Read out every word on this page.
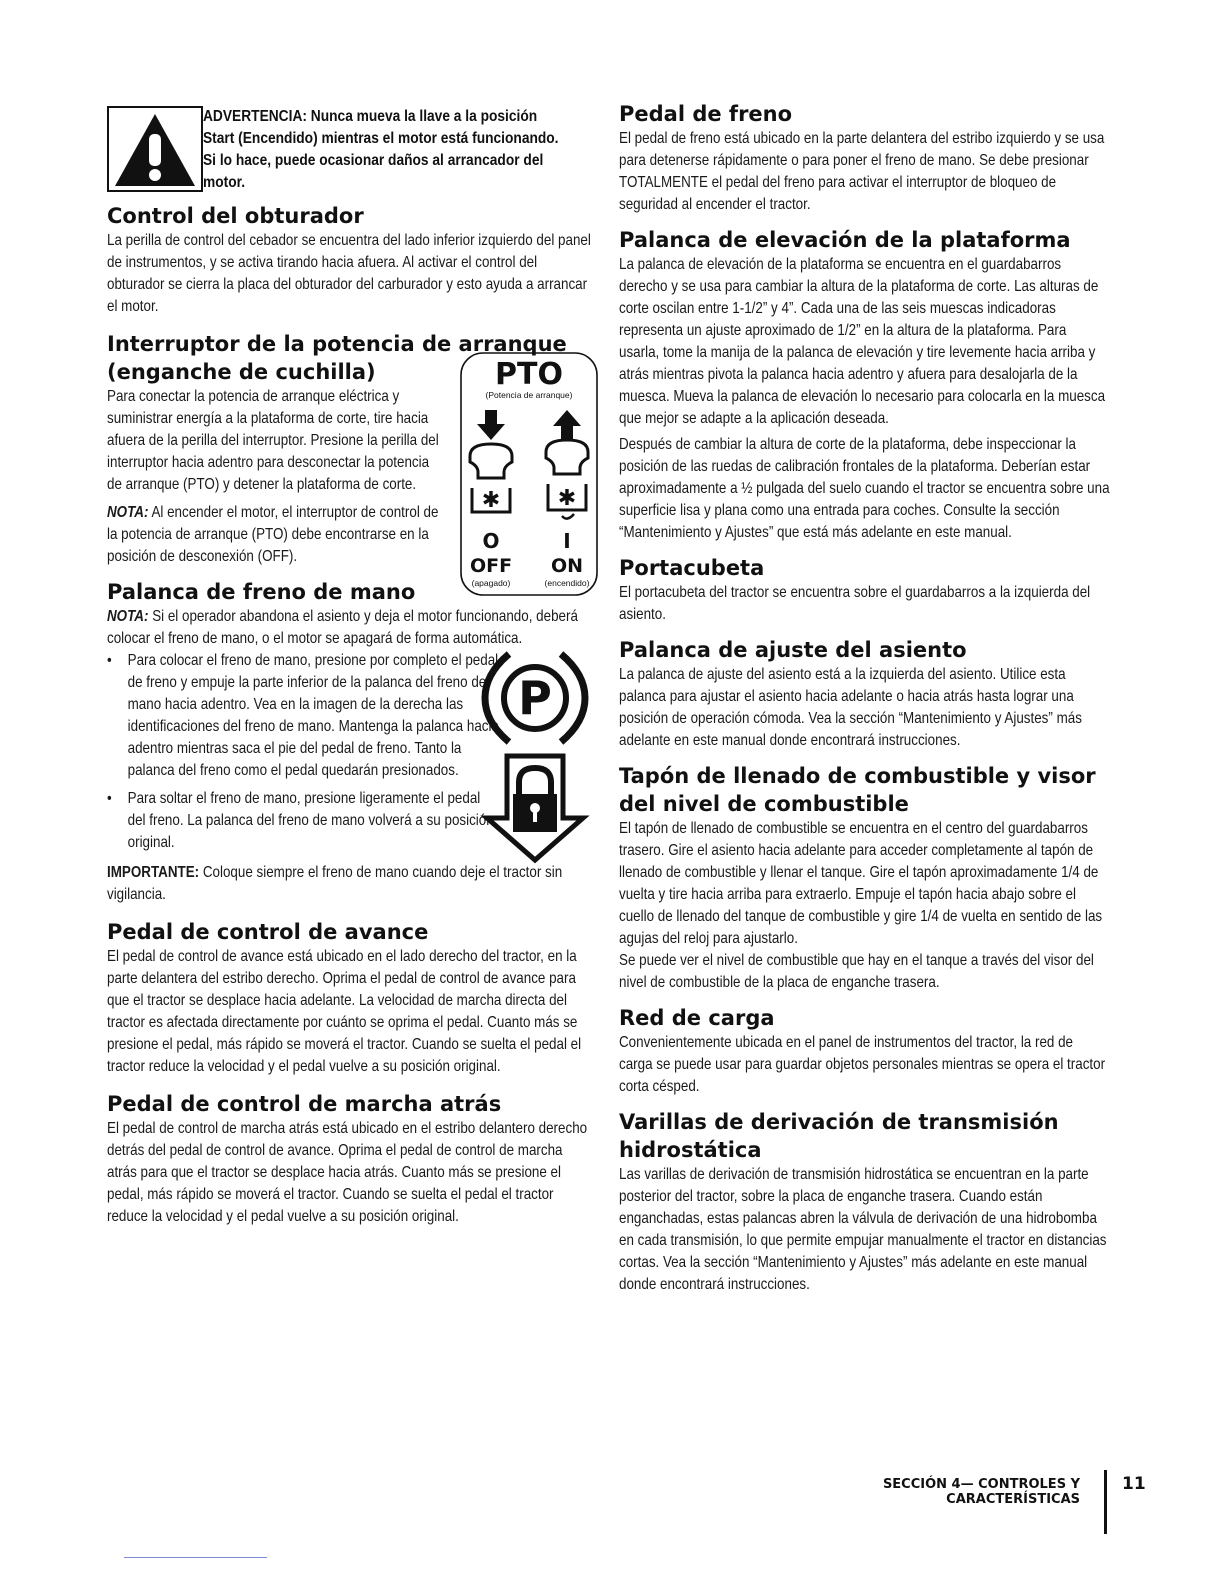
ADVERTENCIA: Nunca mueva la llave a la posición Start (Encendido) mientras el motor está funcionando. Si lo hace, puede ocasionar daños al arrancador del motor.
Control del obturador

La perilla de control del cebador se encuentra del lado inferior izquierdo del panel de instrumentos, y se activa tirando hacia afuera. Al activar el control del obturador se cierra la placa del obturador del carburador y esto ayuda a arrancar el motor.

Interruptor de la potencia de arranque
(enganche de cuchilla)

Para conectar la potencia de arranque eléctrica y suministrar energía a la plataforma de corte, tire hacia afuera de la perilla del interruptor. Presione la perilla del interruptor hacia adentro para desconectar la potencia de arranque (PTO) y detener la plataforma de corte.

NOTA: Al encender el motor, el interruptor de control de la potencia de arranque (PTO) debe encontrarse en la posición de desconexión (OFF).

PTO
(Potencia de arranque)
✱	✱
O	I
OFF ON
(apagado)	(encendido)
Palanca de freno de mano

NOTA: Si el operador abandona el asiento y deja el motor funcionando, deberá colocar el freno de mano, o el motor se apagará de forma automática.

•	Para colocar el freno de mano, presione por completo el pedal de freno y empuje la parte inferior de la palanca del freno de mano hacia adentro. Vea en la imagen de la derecha las identificaciones del freno de mano. Mantenga la palanca hacia adentro mientras saca el pie del pedal de freno. Tanto la palanca del freno como el pedal quedarán presionados.
•	Para soltar el freno de mano, presione ligeramente el pedal del freno. La palanca del freno de mano volverá a su posición original.
P

IMPORTANTE: Coloque siempre el freno de mano cuando deje el tractor sin vigilancia.

Pedal de control de avance

El pedal de control de avance está ubicado en el lado derecho del tractor, en la parte delantera del estribo derecho. Oprima el pedal de control de avance para que el tractor se desplace hacia adelante. La velocidad de marcha directa del tractor es afectada directamente por cuánto se oprima el pedal. Cuanto más se presione el pedal, más rápido se moverá el tractor. Cuando se suelta el pedal el tractor reduce la velocidad y el pedal vuelve a su posición original.

Pedal de control de marcha atrás

El pedal de control de marcha atrás está ubicado en el estribo delantero derecho detrás del pedal de control de avance. Oprima el pedal de control de marcha atrás para que el tractor se desplace hacia atrás. Cuanto más se presione el pedal, más rápido se moverá el tractor. Cuando se suelta el pedal el tractor reduce la velocidad y el pedal vuelve a su posición original.

Pedal de freno

El pedal de freno está ubicado en la parte delantera del estribo izquierdo y se usa para detenerse rápidamente o para poner el freno de mano. Se debe presionar TOTALMENTE el pedal del freno para activar el interruptor de bloqueo de seguridad al encender el tractor.

Palanca de elevación de la plataforma

La palanca de elevación de la plataforma se encuentra en el guardabarros derecho y se usa para cambiar la altura de la plataforma de corte. Las alturas de corte oscilan entre 1-1/2” y 4”. Cada una de las seis muescas indicadoras representa un ajuste aproximado de 1/2” en la altura de la plataforma. Para usarla, tome la manija de la palanca de elevación y tire levemente hacia arriba y atrás mientras pivota la palanca hacia adentro y afuera para desalojarla de la muesca. Mueva la palanca de elevación lo necesario para colocarla en la muesca que mejor se adapte a la aplicación deseada.

Después de cambiar la altura de corte de la plataforma, debe inspeccionar la posición de las ruedas de calibración frontales de la plataforma. Deberían estar aproximadamente a ½ pulgada del suelo cuando el tractor se encuentra sobre una superficie lisa y plana como una entrada para coches. Consulte la sección “Mantenimiento y Ajustes” que está más adelante en este manual.

Portacubeta

El portacubeta del tractor se encuentra sobre el guardabarros a la izquierda del asiento.

Palanca de ajuste del asiento

La palanca de ajuste del asiento está a la izquierda del asiento. Utilice esta palanca para ajustar el asiento hacia adelante o hacia atrás hasta lograr una posición de operación cómoda. Vea la sección “Mantenimiento y Ajustes” más adelante en este manual donde encontrará instrucciones.

Tapón de llenado de combustible y visor
del nivel de combustible

El tapón de llenado de combustible se encuentra en el centro del guardabarros trasero. Gire el asiento hacia adelante para acceder completamente al tapón de llenado de combustible y llenar el tanque. Gire el tapón aproximadamente 1/4 de vuelta y tire hacia arriba para extraerlo. Empuje el tapón hacia abajo sobre el cuello de llenado del tanque de combustible y gire 1/4 de vuelta en sentido de las agujas del reloj para ajustarlo.

Se puede ver el nivel de combustible que hay en el tanque a través del visor del nivel de combustible de la placa de enganche trasera.

Red de carga

Convenientemente ubicada en el panel de instrumentos del tractor, la red de carga se puede usar para guardar objetos personales mientras se opera el tractor corta césped.

Varillas de derivación de transmisión
hidrostática

Las varillas de derivación de transmisión hidrostática se encuentran en la parte posterior del tractor, sobre la placa de enganche trasera. Cuando están enganchadas, estas palancas abren la válvula de derivación de una hidrobomba en cada transmisión, lo que permite empujar manualmente el tractor en distancias cortas. Vea la sección “Mantenimiento y Ajustes” más adelante en este manual donde encontrará instrucciones.

SECCIÓN 4— CONTROLES Y CARACTERÍSTICAS
11
